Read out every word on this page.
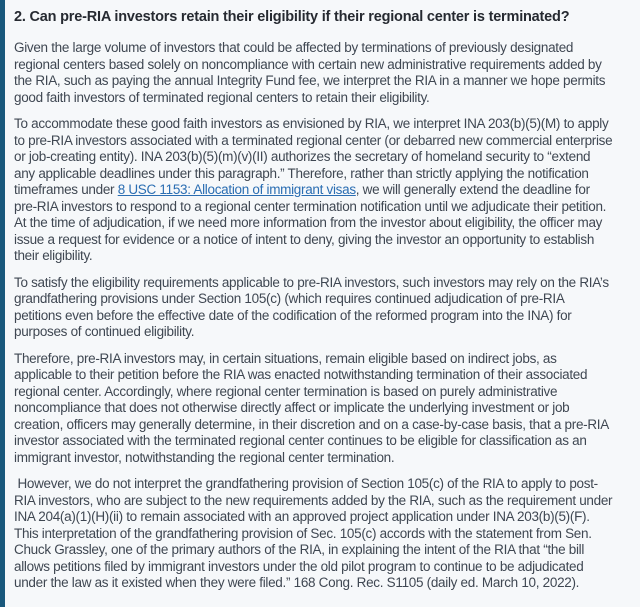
2. Can pre-RIA investors retain their eligibility if their regional center is terminated?

Given the large volume of investors that could be affected by terminations of previously designated regional centers based solely on noncompliance with certain new administrative requirements added by the RIA, such as paying the annual Integrity Fund fee, we interpret the RIA in a manner we hope permits good faith investors of terminated regional centers to retain their eligibility.

To accommodate these good faith investors as envisioned by RIA, we interpret INA 203(b)(5)(M) to apply to pre-RIA investors associated with a terminated regional center (or debarred new commercial enterprise or job-creating entity). INA 203(b)(5)(m)(v)(II) authorizes the secretary of homeland security to “extend any applicable deadlines under this paragraph.” Therefore, rather than strictly applying the notification timeframes under 8 USC 1153: Allocation of immigrant visas, we will generally extend the deadline for pre-RIA investors to respond to a regional center termination notification until we adjudicate their petition. At the time of adjudication, if we need more information from the investor about eligibility, the officer may issue a request for evidence or a notice of intent to deny, giving the investor an opportunity to establish their eligibility.

To satisfy the eligibility requirements applicable to pre-RIA investors, such investors may rely on the RIA’s grandfathering provisions under Section 105(c) (which requires continued adjudication of pre-RIA petitions even before the effective date of the codification of the reformed program into the INA) for purposes of continued eligibility.

Therefore, pre-RIA investors may, in certain situations, remain eligible based on indirect jobs, as applicable to their petition before the RIA was enacted notwithstanding termination of their associated regional center. Accordingly, where regional center termination is based on purely administrative noncompliance that does not otherwise directly affect or implicate the underlying investment or job creation, officers may generally determine, in their discretion and on a case-by-case basis, that a pre-RIA investor associated with the terminated regional center continues to be eligible for classification as an immigrant investor, notwithstanding the regional center termination.

However, we do not interpret the grandfathering provision of Section 105(c) of the RIA to apply to post-RIA investors, who are subject to the new requirements added by the RIA, such as the requirement under INA 204(a)(1)(H)(ii) to remain associated with an approved project application under INA 203(b)(5)(F). This interpretation of the grandfathering provision of Sec. 105(c) accords with the statement from Sen. Chuck Grassley, one of the primary authors of the RIA, in explaining the intent of the RIA that “the bill allows petitions filed by immigrant investors under the old pilot program to continue to be adjudicated under the law as it existed when they were filed.” 168 Cong. Rec. S1105 (daily ed. March 10, 2022).
